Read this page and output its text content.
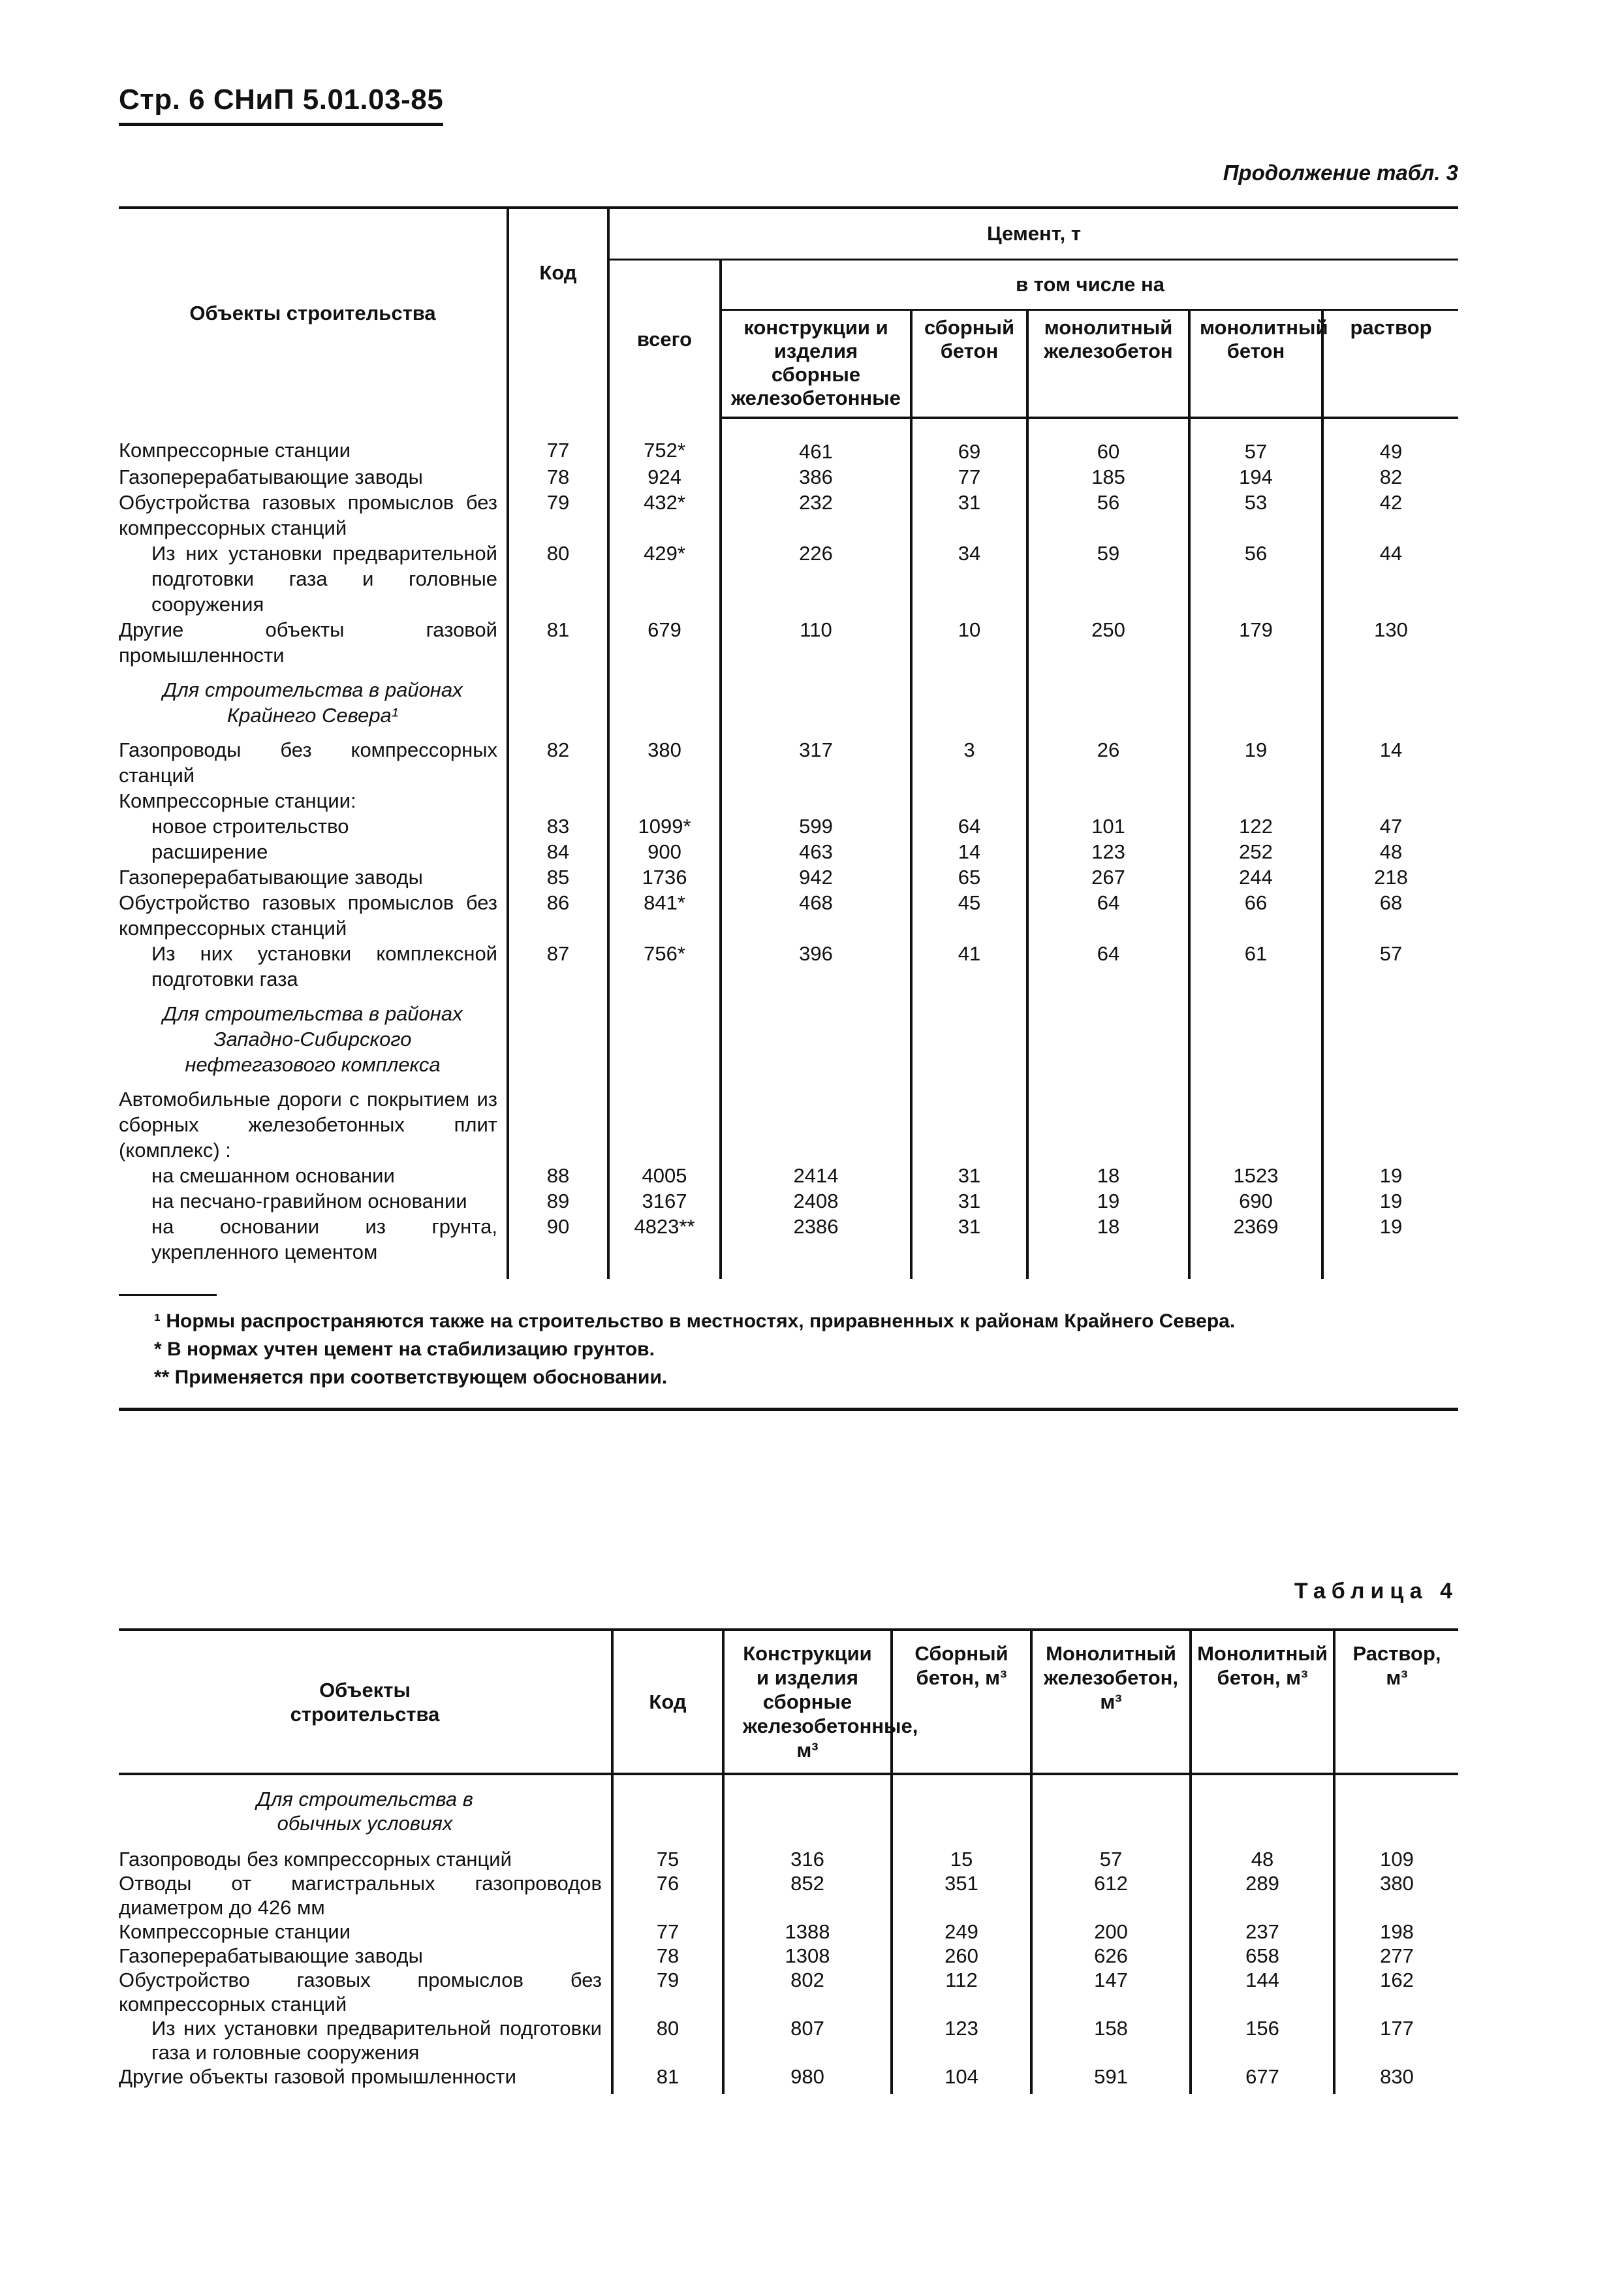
Стр. 6 СНиП 5.01.03-85
Продолжение табл. 3
Объекты строительства	Код	Цемент, т					
		всего	в том числе на				
			конструкции и изделия сборные железобетонные	сборный бетон	монолитный железобетон	монолитный бетон	раствор
Компрессорные станции	77	752*	461	69	60	57	49
Газоперерабатывающие заводы	78	924	386	77	185	194	82
Обустройства газовых промыслов без компрессорных станций	79	432*	232	31	56	53	42
Из них установки предварительной подготовки газа и головные сооружения	80	429*	226	34	59	56	44
Другие объекты газовой промышленности	81	679	110	10	250	179	130
Для строительства в районах Крайнего Севера¹							
Газопроводы без компрессорных станций	82	380	317	3	26	19	14
Компрессорные станции:							
новое строительство	83	1099*	599	64	101	122	47
расширение	84	900	463	14	123	252	48
Газоперерабатывающие заводы	85	1736	942	65	267	244	218
Обустройство газовых промыслов без компрессорных станций	86	841*	468	45	64	66	68
Из них установки комплексной подготовки газа	87	756*	396	41	64	61	57
Для строительства в районах Западно-Сибирского нефтегазового комплекса							
Автомобильные дороги с покрытием из сборных железобетонных плит (комплекс) :							
на смешанном основании	88	4005	2414	31	18	1523	19
на песчано-гравийном основании	89	3167	2408	31	19	690	19
на основании из грунта, укрепленного цементом	90	4823**	2386	31	18	2369	19
¹ Нормы распространяются также на строительство в местностях, приравненных к районам Крайнего Севера.
* В нормах учтен цемент на стабилизацию грунтов.
** Применяется при соответствующем обосновании.
Таблица 4
Объекты строительства	Код	Конструкции и изделия сборные железобетонные, м³	Сборный бетон, м³	Монолитный железобетон, м³	Монолитный бетон, м³	Раствор, м³
Для строительства в обычных условиях						
Газопроводы без компрессорных станций	75	316	15	57	48	109
Отводы от магистральных газопроводов диаметром до 426 мм	76	852	351	612	289	380
Компрессорные станции	77	1388	249	200	237	198
Газоперерабатывающие заводы	78	1308	260	626	658	277
Обустройство газовых промыслов без компрессорных станций	79	802	112	147	144	162
Из них установки предварительной подготовки газа и головные сооружения	80	807	123	158	156	177
Другие объекты газовой промышленности	81	980	104	591	677	830
